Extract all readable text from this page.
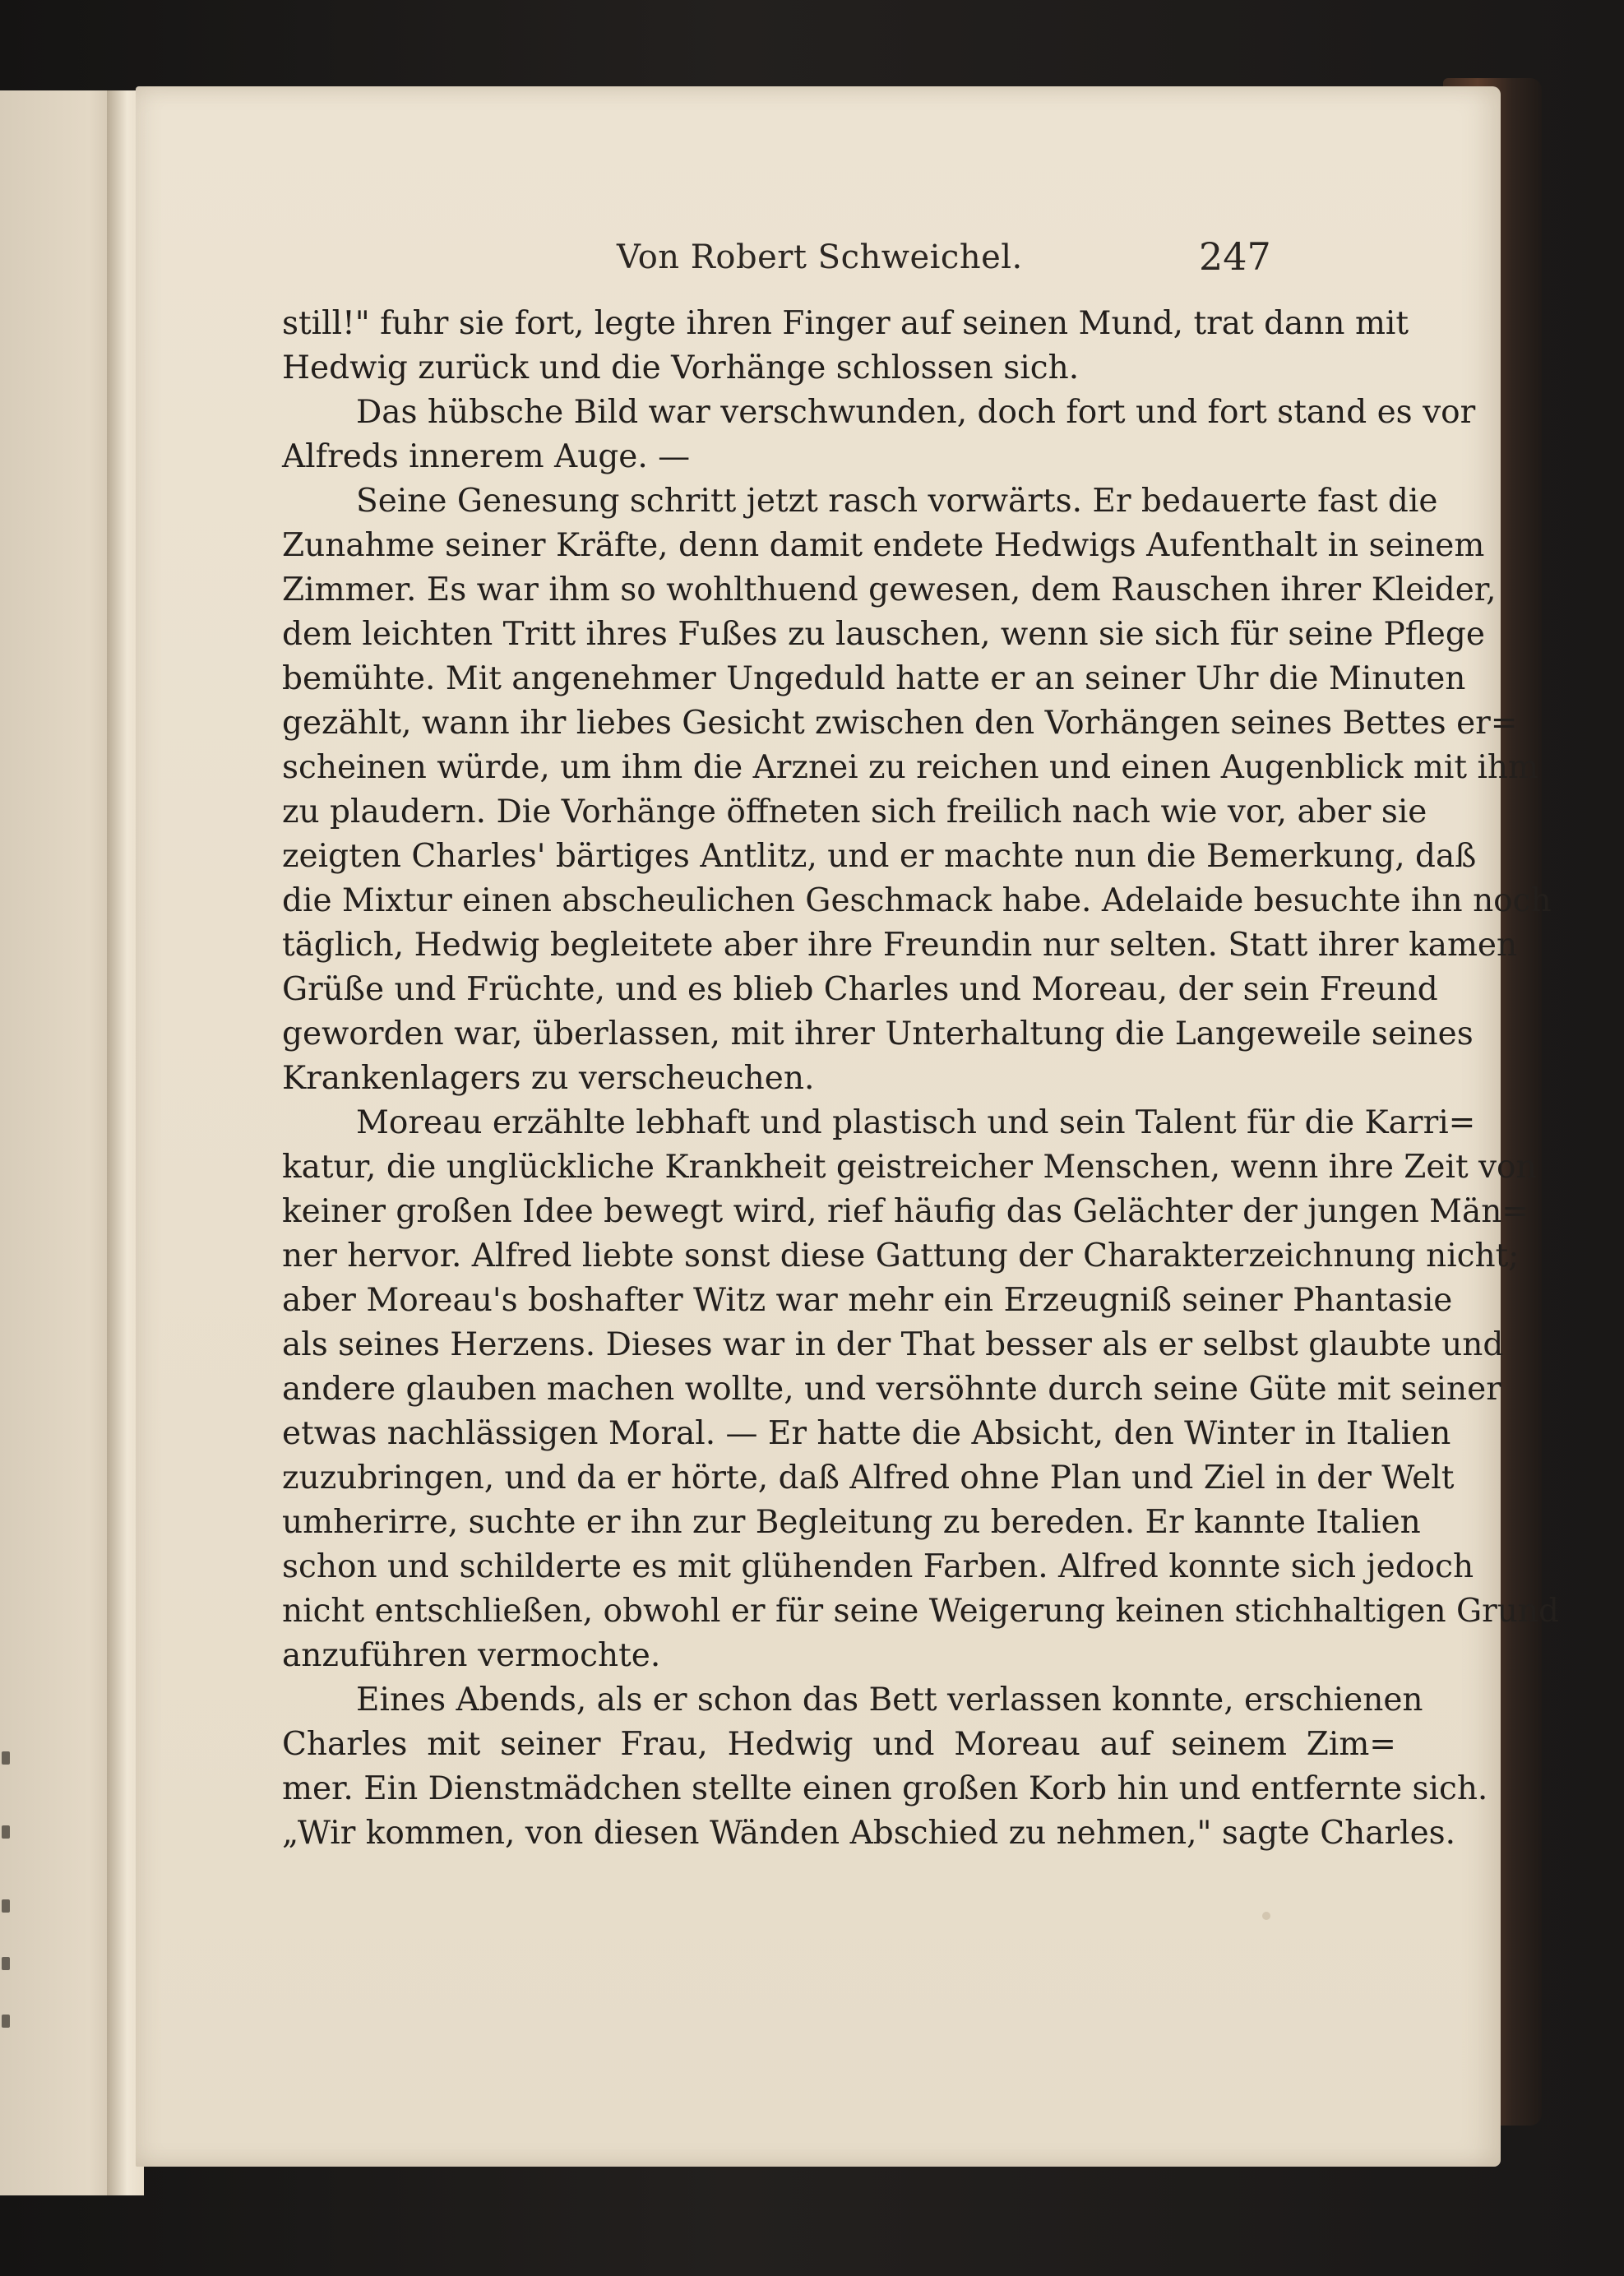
Von Robert Schweichel.	247
still!" fuhr sie fort, legte ihren Finger auf seinen Mund, trat dann mit
Hedwig zurück und die Vorhänge schlossen sich.
Das hübsche Bild war verschwunden, doch fort und fort stand es vor
Alfreds innerem Auge. —
Seine Genesung schritt jetzt rasch vorwärts. Er bedauerte fast die
Zunahme seiner Kräfte, denn damit endete Hedwigs Aufenthalt in seinem
Zimmer. Es war ihm so wohlthuend gewesen, dem Rauschen ihrer Kleider,
dem leichten Tritt ihres Fußes zu lauschen, wenn sie sich für seine Pflege
bemühte. Mit angenehmer Ungeduld hatte er an seiner Uhr die Minuten
gezählt, wann ihr liebes Gesicht zwischen den Vorhängen seines Bettes er=
scheinen würde, um ihm die Arznei zu reichen und einen Augenblick mit ihm
zu plaudern. Die Vorhänge öffneten sich freilich nach wie vor, aber sie
zeigten Charles' bärtiges Antlitz, und er machte nun die Bemerkung, daß
die Mixtur einen abscheulichen Geschmack habe. Adelaide besuchte ihn noch
täglich, Hedwig begleitete aber ihre Freundin nur selten. Statt ihrer kamen
Grüße und Früchte, und es blieb Charles und Moreau, der sein Freund
geworden war, überlassen, mit ihrer Unterhaltung die Langeweile seines
Krankenlagers zu verscheuchen.
Moreau erzählte lebhaft und plastisch und sein Talent für die Karri=
katur, die unglückliche Krankheit geistreicher Menschen, wenn ihre Zeit von
keiner großen Idee bewegt wird, rief häufig das Gelächter der jungen Män=
ner hervor. Alfred liebte sonst diese Gattung der Charakterzeichnung nicht;
aber Moreau's boshafter Witz war mehr ein Erzeugniß seiner Phantasie
als seines Herzens. Dieses war in der That besser als er selbst glaubte und
andere glauben machen wollte, und versöhnte durch seine Güte mit seiner
etwas nachlässigen Moral. — Er hatte die Absicht, den Winter in Italien
zuzubringen, und da er hörte, daß Alfred ohne Plan und Ziel in der Welt
umherirre, suchte er ihn zur Begleitung zu bereden. Er kannte Italien
schon und schilderte es mit glühenden Farben. Alfred konnte sich jedoch
nicht entschließen, obwohl er für seine Weigerung keinen stichhaltigen Grund
anzuführen vermochte.
Eines Abends, als er schon das Bett verlassen konnte, erschienen
Charles mit seiner Frau, Hedwig und Moreau auf seinem Zim=
mer. Ein Dienstmädchen stellte einen großen Korb hin und entfernte sich.
„Wir kommen, von diesen Wänden Abschied zu nehmen," sagte Charles.
